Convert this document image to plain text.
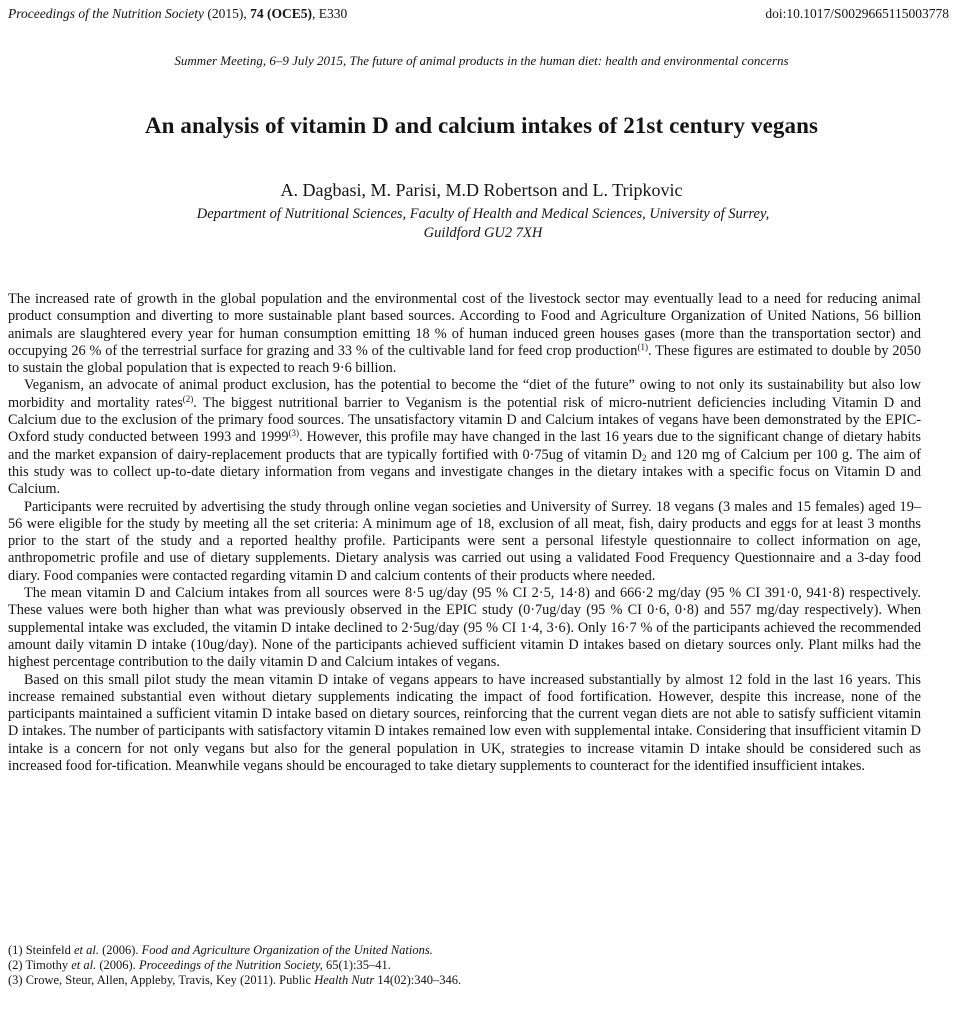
Proceedings of the Nutrition Society (2015), 74 (OCE5), E330	doi:10.1017/S0029665115003778
Summer Meeting, 6–9 July 2015, The future of animal products in the human diet: health and environmental concerns
An analysis of vitamin D and calcium intakes of 21st century vegans
A. Dagbasi, M. Parisi, M.D Robertson and L. Tripkovic
Department of Nutritional Sciences, Faculty of Health and Medical Sciences, University of Surrey,
Guildford GU2 7XH

The increased rate of growth in the global population and the environmental cost of the livestock sector may eventually lead to a need for reducing animal product consumption and diverting to more sustainable plant based sources. According to Food and Agriculture Organization of United Nations, 56 billion animals are slaughtered every year for human consumption emitting 18 % of human induced green houses gases (more than the transportation sector) and occupying 26 % of the terrestrial surface for grazing and 33 % of the cultivable land for feed crop production$^{(1)}$. These figures are estimated to double by 2050 to sustain the global population that is expected to reach 9·6 billion.

Veganism, an advocate of animal product exclusion, has the potential to become the “diet of the future” owing to not only its sustainability but also low morbidity and mortality rates$^{(2)}$. The biggest nutritional barrier to Veganism is the potential risk of micro-nutrient deficiencies including Vitamin D and Calcium due to the exclusion of the primary food sources. The unsatisfactory vitamin D and Calcium intakes of vegans have been demonstrated by the EPIC-Oxford study conducted between 1993 and 1999$^{(3)}$. However, this profile may have changed in the last 16 years due to the significant change of dietary habits and the market expansion of dairy-replacement products that are typically fortified with 0·75ug of vitamin $D_2$ and 120 mg of Calcium per 100 g. The aim of this study was to collect up-to-date dietary information from vegans and investigate changes in the dietary intakes with a specific focus on Vitamin D and Calcium.

Participants were recruited by advertising the study through online vegan societies and University of Surrey. 18 vegans (3 males and 15 females) aged 19–56 were eligible for the study by meeting all the set criteria: A minimum age of 18, exclusion of all meat, fish, dairy products and eggs for at least 3 months prior to the start of the study and a reported healthy profile. Participants were sent a personal lifestyle questionnaire to collect information on age, anthropometric profile and use of dietary supplements. Dietary analysis was carried out using a validated Food Frequency Questionnaire and a 3-day food diary. Food companies were contacted regarding vitamin D and calcium contents of their products where needed.

The mean vitamin D and Calcium intakes from all sources were 8·5 ug/day (95 % CI 2·5, 14·8) and 666·2 mg/day (95 % CI 391·0, 941·8) respectively. These values were both higher than what was previously observed in the EPIC study (0·7ug/day (95 % CI 0·6, 0·8) and 557 mg/day respectively). When supplemental intake was excluded, the vitamin D intake declined to 2·5ug/day (95 % CI 1·4, 3·6). Only 16·7 % of the participants achieved the recommended amount daily vitamin D intake (10ug/day). None of the participants achieved sufficient vitamin D intakes based on dietary sources only. Plant milks had the highest percentage contribution to the daily vitamin D and Calcium intakes of vegans.

Based on this small pilot study the mean vitamin D intake of vegans appears to have increased substantially by almost 12 fold in the last 16 years. This increase remained substantial even without dietary supplements indicating the impact of food fortification. However, despite this increase, none of the participants maintained a sufficient vitamin D intake based on dietary sources, reinforcing that the current vegan diets are not able to satisfy sufficient vitamin D intakes. The number of participants with satisfactory vitamin D intakes remained low even with supplemental intake. Considering that insufficient vitamin D intake is a concern for not only vegans but also for the general population in UK, strategies to increase vitamin D intake should be considered such as increased food for-tification. Meanwhile vegans should be encouraged to take dietary supplements to counteract for the identified insufficient intakes.

(1) Steinfeld et al. (2006). Food and Agriculture Organization of the United Nations.
(2) Timothy et al. (2006). Proceedings of the Nutrition Society, 65(1):35–41.
(3) Crowe, Steur, Allen, Appleby, Travis, Key (2011). Public Health Nutr 14(02):340–346.
